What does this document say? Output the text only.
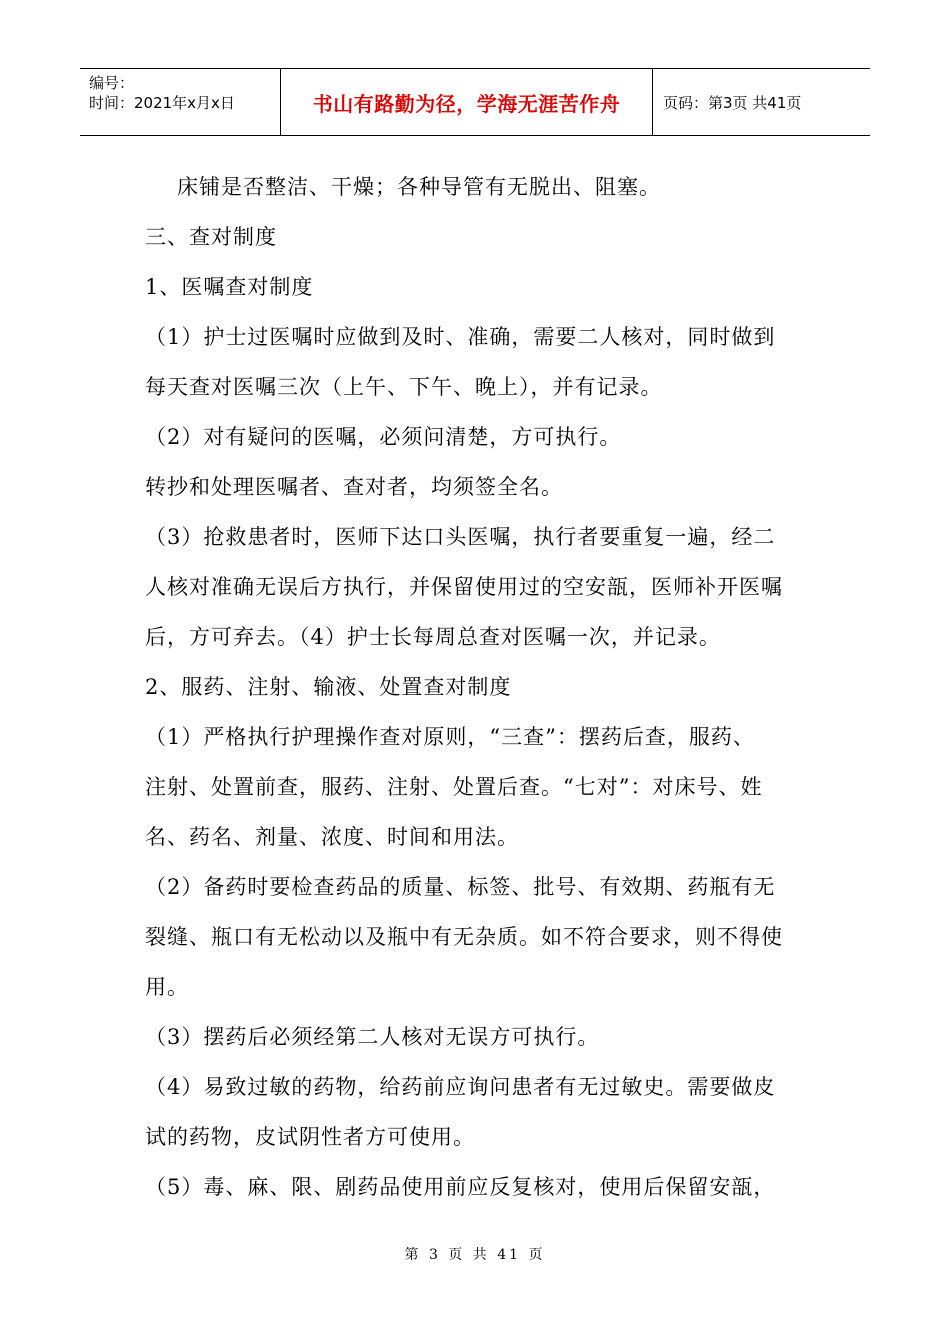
编号：
时间：2021年x月x日	书山有路勤为径，学海无涯苦作舟	页码：第3页 共41页

床铺是否整洁、干燥；各种导管有无脱出、阻塞。

三、查对制度

1、医嘱查对制度

（1）护士过医嘱时应做到及时、准确，需要二人核对，同时做到

每天查对医嘱三次（上午、下午、晚上），并有记录。

（2）对有疑问的医嘱，必须问清楚，方可执行。

转抄和处理医嘱者、查对者，均须签全名。

（3）抢救患者时，医师下达口头医嘱，执行者要重复一遍，经二

人核对准确无误后方执行，并保留使用过的空安瓿，医师补开医嘱

后，方可弃去。（4）护士长每周总查对医嘱一次，并记录。

2、服药、注射、输液、处置查对制度

（1）严格执行护理操作查对原则，“三查”：摆药后查，服药、

注射、处置前查，服药、注射、处置后查。“七对”：对床号、姓

名、药名、剂量、浓度、时间和用法。

（2）备药时要检查药品的质量、标签、批号、有效期、药瓶有无

裂缝、瓶口有无松动以及瓶中有无杂质。如不符合要求，则不得使

用。

（3）摆药后必须经第二人核对无误方可执行。

（4）易致过敏的药物，给药前应询问患者有无过敏史。需要做皮

试的药物，皮试阴性者方可使用。

（5）毒、麻、限、剧药品使用前应反复核对，使用后保留安瓿，

第 3 页 共 41 页
